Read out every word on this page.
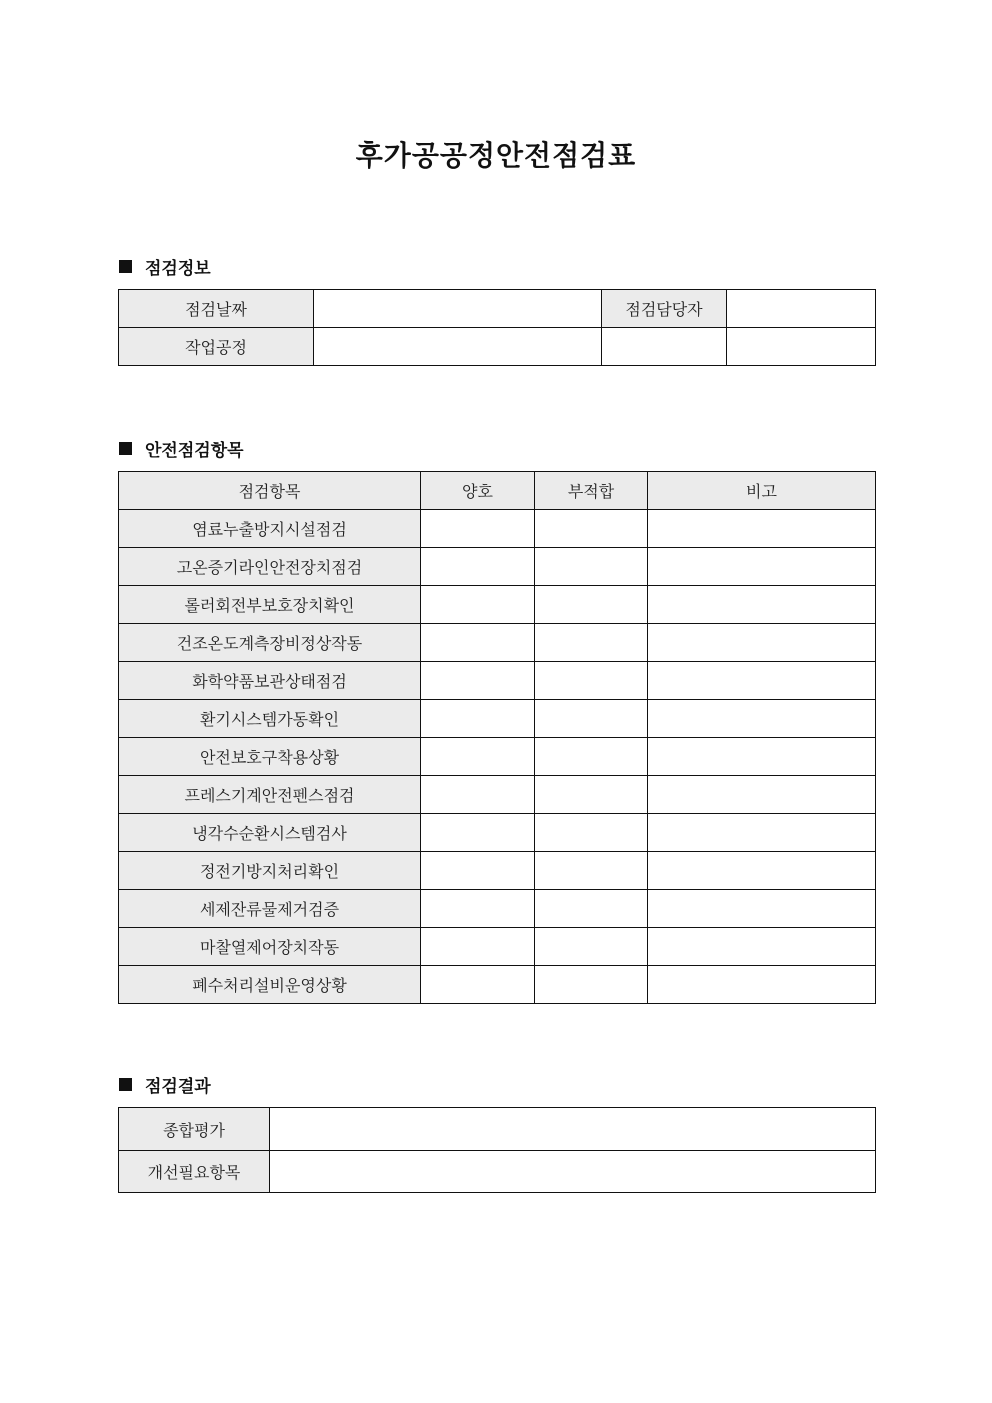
후가공공정안전점검표
점검정보
점검날짜		점검담당자	
작업공정			
안전점검항목
점검항목	양호	부적합	비고
염료누출방지시설점검			
고온증기라인안전장치점검			
롤러회전부보호장치확인			
건조온도계측장비정상작동			
화학약품보관상태점검			
환기시스템가동확인			
안전보호구착용상황			
프레스기계안전펜스점검			
냉각수순환시스템검사			
정전기방지처리확인			
세제잔류물제거검증			
마찰열제어장치작동			
폐수처리설비운영상황			
점검결과
종합평가	
개선필요항목	
